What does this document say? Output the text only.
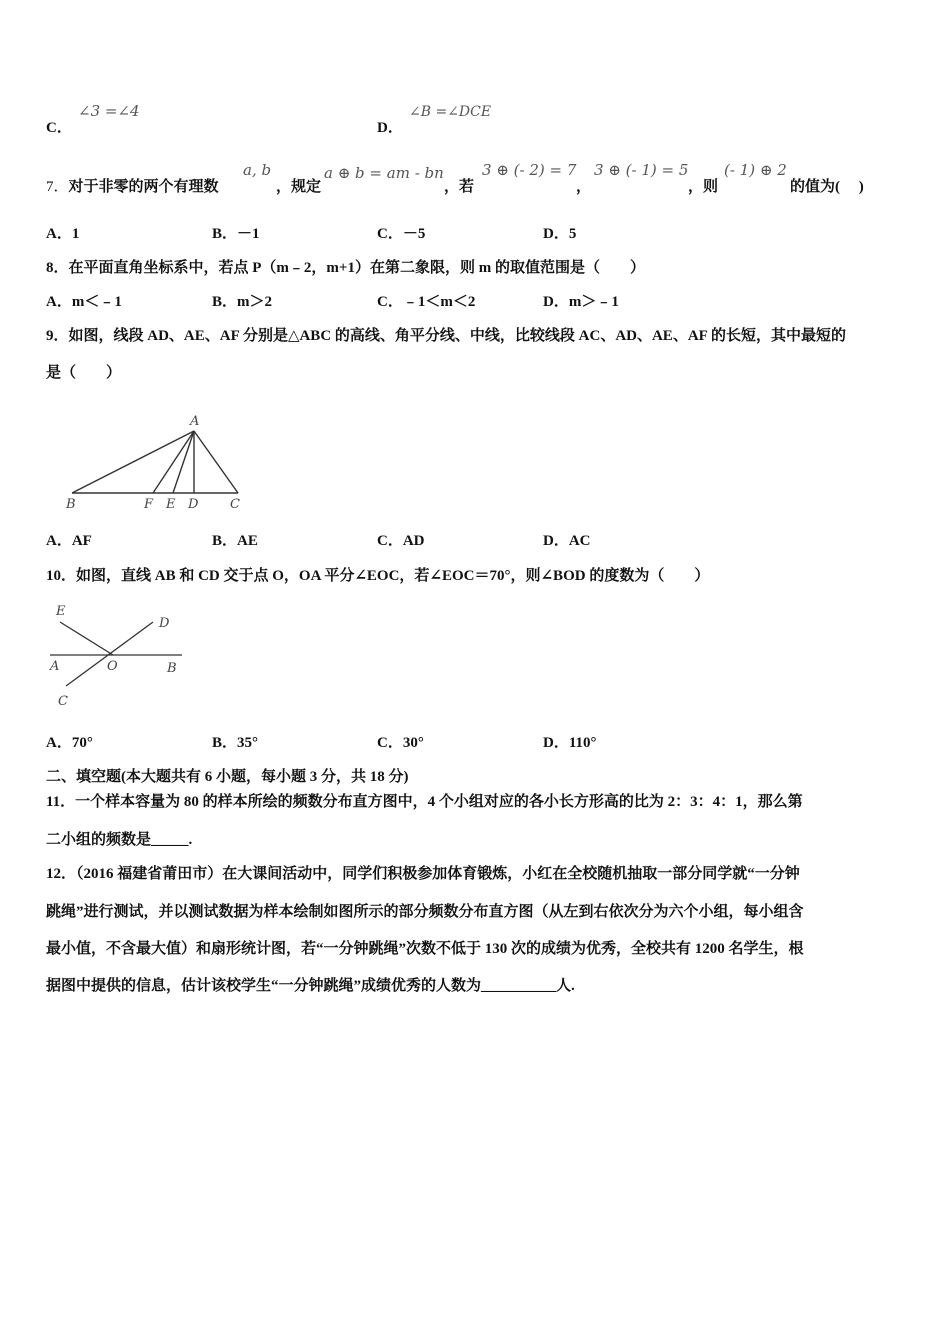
C．
∠3 =∠4
D．
∠B =∠DCE
7．对于非零的两个有理数
a, b
，规定
a ⊕ b = am - bn
，若
3 ⊕ (- 2) = 7
，
3 ⊕ (- 1) = 5
，则
(- 1) ⊕ 2
的值为(　 )
A．1	B．－1	C．－5	D．5
8．在平面直角坐标系中，若点 P（m﹣2，m+1）在第二象限，则 m 的取值范围是（　　）
A．m＜﹣1	B．m＞2	C．﹣1＜m＜2	D．m＞﹣1
9．如图，线段 AD、AE、AF 分别是△ABC 的高线、角平分线、中线，比较线段 AC、AD、AE、AF 的长短，其中最短的
是（　　）
A
B	F E D C
A．AF	B．AE	C．AD	D．AC
10．如图，直线 AB 和 CD 交于点 O，OA 平分∠EOC，若∠EOC＝70°，则∠BOD 的度数为（　　）
E
D
A	O	B
C
A．70°	B．35°	C．30°	D．110°
二、填空题(本大题共有 6 小题，每小题 3 分，共 18 分)
11．一个样本容量为 80 的样本所绘的频数分布直方图中，4 个小组对应的各小长方形高的比为 2：3：4：1，那么第
二小组的频数是_____.
12．（2016 福建省莆田市）在大课间活动中，同学们积极参加体育锻炼，小红在全校随机抽取一部分同学就“一分钟
跳绳”进行测试，并以测试数据为样本绘制如图所示的部分频数分布直方图（从左到右依次分为六个小组，每小组含
最小值，不含最大值）和扇形统计图，若“一分钟跳绳”次数不低于 130 次的成绩为优秀，全校共有 1200 名学生，根
据图中提供的信息，估计该校学生“一分钟跳绳”成绩优秀的人数为__________人.
